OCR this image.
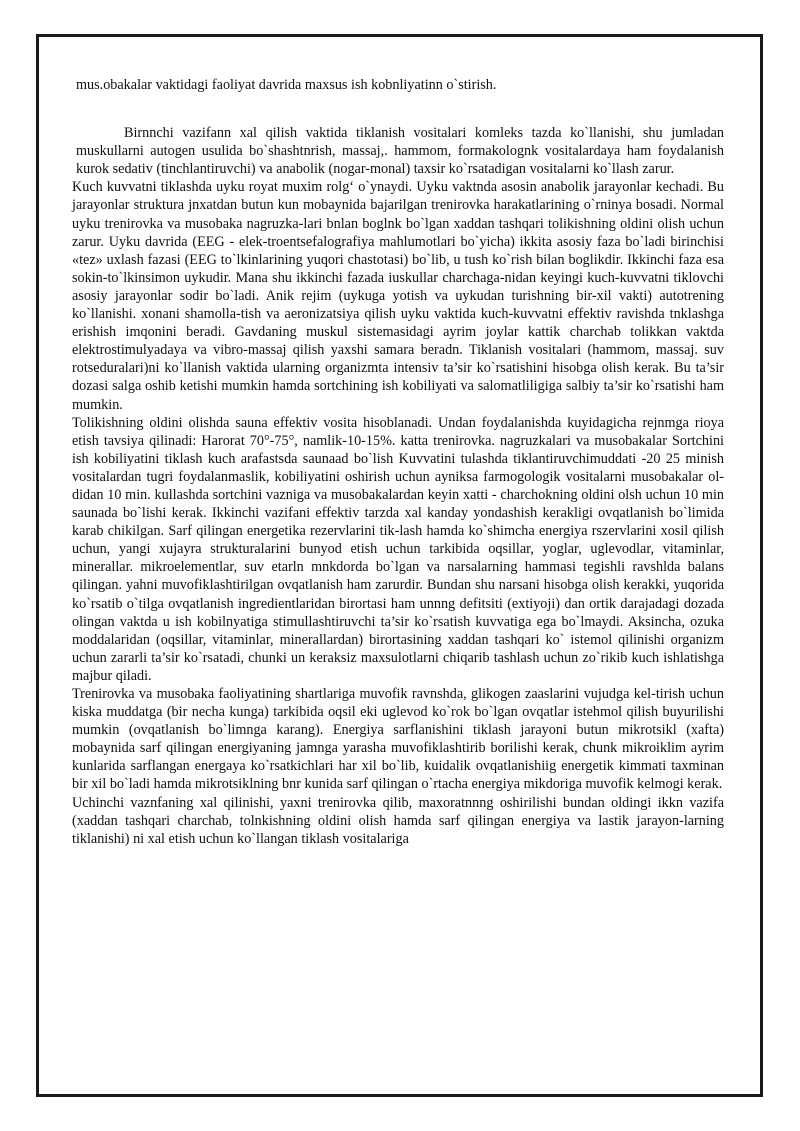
mus.obakalar vaktidagi faoliyat davrida maxsus ish kobnliyatinn o`stirish.

Birnnchi vazifann xal qilish vaktida tiklanish vositalari komleks tazda ko`llanishi, shu jumladan muskullarni autogen usulida bo`shashtnrish, massaj,. hammom, formakolognk vositalardaya ham foydalanish kurok sedativ (tinchlantiruvchi) va anabolik (nogar-monal) taxsir ko`rsatadigan vositalarni ko`llash zarur.

Kuch kuvvatni tiklashda uyku royat muxim rolg‘ o`ynaydi. Uyku vaktnda asosin anabolik jarayonlar kechadi. Bu jarayonlar struktura jnxatdan butun kun mobaynida bajarilgan trenirovka harakatlarining o`rninya bosadi. Normal uyku trenirovka va musobaka nagruzka-lari bnlan boglnk bo`lgan xaddan tashqari tolikishning oldini olish uchun zarur. Uyku davrida (EEG - elek-troentsefalografiya mahlumotlari bo`yicha) ikkita asosiy faza bo`ladi birinchisi «tez» uxlash fazasi (EEG to`lkinlarining yuqori chastotasi) bo`lib, u tush ko`rish bilan boglikdir. Ikkinchi faza esa sokin-to`lkinsimon uykudir. Mana shu ikkinchi fazada iuskullar charchaga-nidan keyingi kuch-kuvvatni tiklovchi asosiy jarayonlar sodir bo`ladi. Anik rejim (uykuga yotish va uykudan turishning bir-xil vakti) autotrening ko`llanishi. xonani shamolla-tish va aeronizatsiya qilish uyku vaktida kuch-kuvvatni effektiv ravishda tnklashga erishish imqonini beradi. Gavdaning muskul sistemasidagi ayrim joylar kattik charchab tolikkan vaktda elektrostimulyadaya va vibro-massaj qilish yaxshi samara beradn. Tiklanish vositalari (hammom, massaj. suv rotseduralari)ni ko`llanish vaktida ularning organizmta intensiv ta’sir ko`rsatishini hisobga olish kerak. Bu ta’sir dozasi salga oshib ketishi mumkin hamda sortchining ish kobiliyati va salomatliligiga salbiy ta’sir ko`rsatishi ham mumkin.

Tolikishning oldini olishda sauna effektiv vosita hisoblanadi. Undan foydalanishda kuyidagicha rejnmga rioya etish tavsiya qilinadi: Harorat 70°-75°, namlik-10-15%. katta trenirovka. nagruzkalari va musobakalar Sortchini ish kobiliyatini tiklash kuch arafastsda saunaad bo`lish Kuvvatini tulashda tiklantiruvchimuddati -20 25 minish vositalardan tugri foydalanmaslik, kobiliyatini oshirish uchun ayniksa farmogologik vositalarni musobakalar ol-didan 10 min. kullashda sortchini vazniga va musobakalardan keyin xatti - charchokning oldini olsh uchun 10 min saunada bo`lishi kerak. Ikkinchi vazifani effektiv tarzda xal kanday yondashish kerakligi ovqatlanish bo`limida karab chikilgan. Sarf qilingan energetika rezervlarini tik-lash hamda ko`shimcha energiya rszervlarini xosil qilish uchun, yangi xujayra strukturalarini bunyod etish uchun tarkibida oqsillar, yoglar, uglevodlar, vitaminlar, minerallar. mikroelementlar, suv etarln mnkdorda bo`lgan va narsalarning hammasi tegishli ravshlda balans qilingan. yahni muvofiklashtirilgan ovqatlanish ham zarurdir. Bundan shu narsani hisobga olish kerakki, yuqorida ko`rsatib o`tilga ovqatlanish ingredientlaridan birortasi ham unnng defitsiti (extiyoji) dan ortik darajadagi dozada olingan vaktda u ish kobilnyatiga stimullashtiruvchi ta’sir ko`rsatish kuvvatiga ega bo`lmaydi. Aksincha, ozuka moddalaridan (oqsillar, vitaminlar, minerallardan) birortasining xaddan tashqari ko` istemol qilinishi organizm uchun zararli ta’sir ko`rsatadi, chunki un keraksiz maxsulotlarni chiqarib tashlash uchun zo`rikib kuch ishlatishga majbur qiladi.

Trenirovka va musobaka faoliyatining shartlariga muvofik ravnshda, glikogen zaaslarini vujudga kel-tirish uchun kiska muddatga (bir necha kunga) tarkibida oqsil eki uglevod ko`rok bo`lgan ovqatlar istehmol qilish buyurilishi mumkin (ovqatlanish bo`limnga karang). Energiya sarflanishini tiklash jarayoni butun mikrotsikl (xafta) mobaynida sarf qilingan energiyaning jamnga yarasha muvofiklashtirib borilishi kerak, chunk mikroiklim ayrim kunlarida sarflangan energaya ko`rsatkichlari har xil bo`lib, kuidalik ovqatlanishiig energetik kimmati taxminan bir xil bo`ladi hamda mikrotsiklning bnr kunida sarf qilingan o`rtacha energiya mikdoriga muvofik kelmogi kerak.

Uchinchi vaznfaning xal qilinishi, yaxni trenirovka qilib, maxoratnnng oshirilishi bundan oldingi ikkn vazifa (xaddan tashqari charchab, tolnkishning oldini olish hamda sarf qilingan energiya va lastik jarayon-larning tiklanishi) ni xal etish uchun ko`llangan tiklash vositalariga
